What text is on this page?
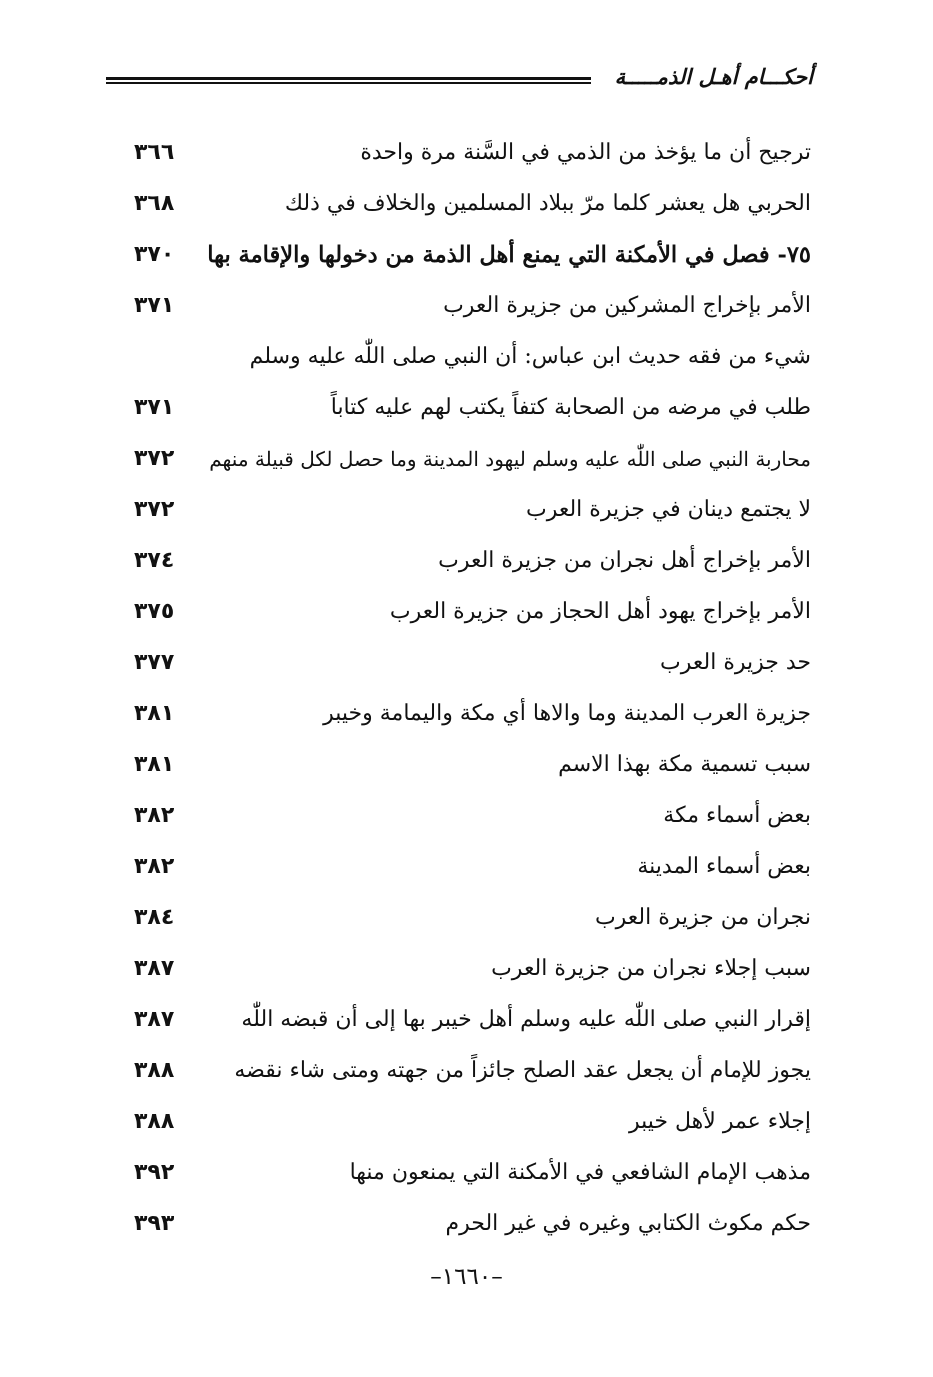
أحكـــام أهـل الذمـــــة
ترجيح أن ما يؤخذ من الذمي في السَّنة مرة واحدة
٣٦٦
الحربي هل يعشر كلما مرّ ببلاد المسلمين والخلاف في ذلك
٣٦٨
٧٥- فصل في الأمكنة التي يمنع أهل الذمة من دخولها والإقامة بها
٣٧٠
الأمر بإخراج المشركين من جزيرة العرب
٣٧١
شيء من فقه حديث ابن عباس: أن النبي صلى اللّٰه عليه وسلم
طلب في مرضه من الصحابة كتفاً يكتب لهم عليه كتاباً
٣٧١
محاربة النبي صلى اللّٰه عليه وسلم ليهود المدينة وما حصل لكل قبيلة منهم
٣٧٢
لا يجتمع دينان في جزيرة العرب
٣٧٢
الأمر بإخراج أهل نجران من جزيرة العرب
٣٧٤
الأمر بإخراج يهود أهل الحجاز من جزيرة العرب
٣٧٥
حد جزيرة العرب
٣٧٧
جزيرة العرب المدينة وما والاها أي مكة واليمامة وخيبر
٣٨١
سبب تسمية مكة بهذا الاسم
٣٨١
بعض أسماء مكة
٣٨٢
بعض أسماء المدينة
٣٨٢
نجران من جزيرة العرب
٣٨٤
سبب إجلاء نجران من جزيرة العرب
٣٨٧
إقرار النبي صلى اللّٰه عليه وسلم أهل خيبر بها إلى أن قبضه اللّٰه
٣٨٧
يجوز للإمام أن يجعل عقد الصلح جائزاً من جهته ومتى شاء نقضه
٣٨٨
إجلاء عمر لأهل خيبر
٣٨٨
مذهب الإمام الشافعي في الأمكنة التي يمنعون منها
٣٩٢
حكم مكوث الكتابي وغيره في غير الحرم
٣٩٣
–١٦٦٠–
